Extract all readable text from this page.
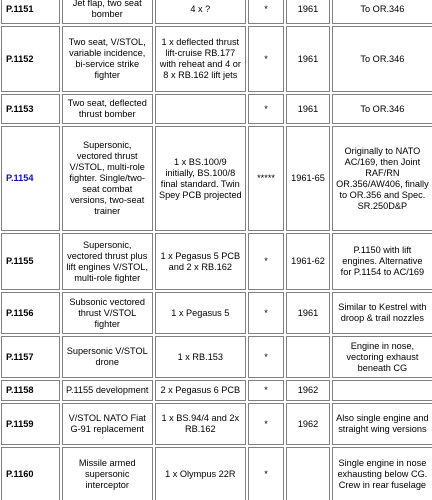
P.1151	Jet flap, two seat bomber	4 x ?	*	1961	To OR.346
P.1152	Two seat, V/STOL, variable incidence, bi-service strike fighter	1 x deflected thrust lift-cruise RB.177 with reheat and 4 or 8 x RB.162 lift jets	*	1961	To OR.346
P.1153	Two seat, deflected thrust bomber		*	1961	To OR.346
P.1154	Supersonic, vectored thrust V/STOL, multi-role fighter. Single/two-seat combat versions, two-seat trainer	1 x BS.100/9 initially, BS.100/8 final standard. Twin Spey PCB projected	*****	1961-65	Originally to NATO AC/169, then Joint RAF/RN OR.356/AW406, finally to OR.356 and Spec. SR.250D&P
P.1155	Supersonic, vectored thrust plus lift engines V/STOL, multi-role fighter	1 x Pegasus 5 PCB and 2 x RB.162	*	1961-62	P.1150 with lift engines. Alternative for P.1154 to AC/169
P.1156	Subsonic vectored thrust V/STOL fighter	1 x Pegasus 5	*	1961	Similar to Kestrel with droop & trail nozzles
P.1157	Supersonic V/STOL drone	1 x RB.153	*		Engine in nose, vectoring exhaust beneath CG
P.1158	P.1155 development	2 x Pegasus 6 PCB	*	1962	
P.1159	V/STOL NATO Fiat G-91 replacement	1 x BS.94/4 and 2x RB.162	*	1962	Also single engine and straight wing versions
P.1160	Missile armed supersonic interceptor	1 x Olympus 22R	*		Single engine in nose exhausting below CG. Crew in rear fuselage
